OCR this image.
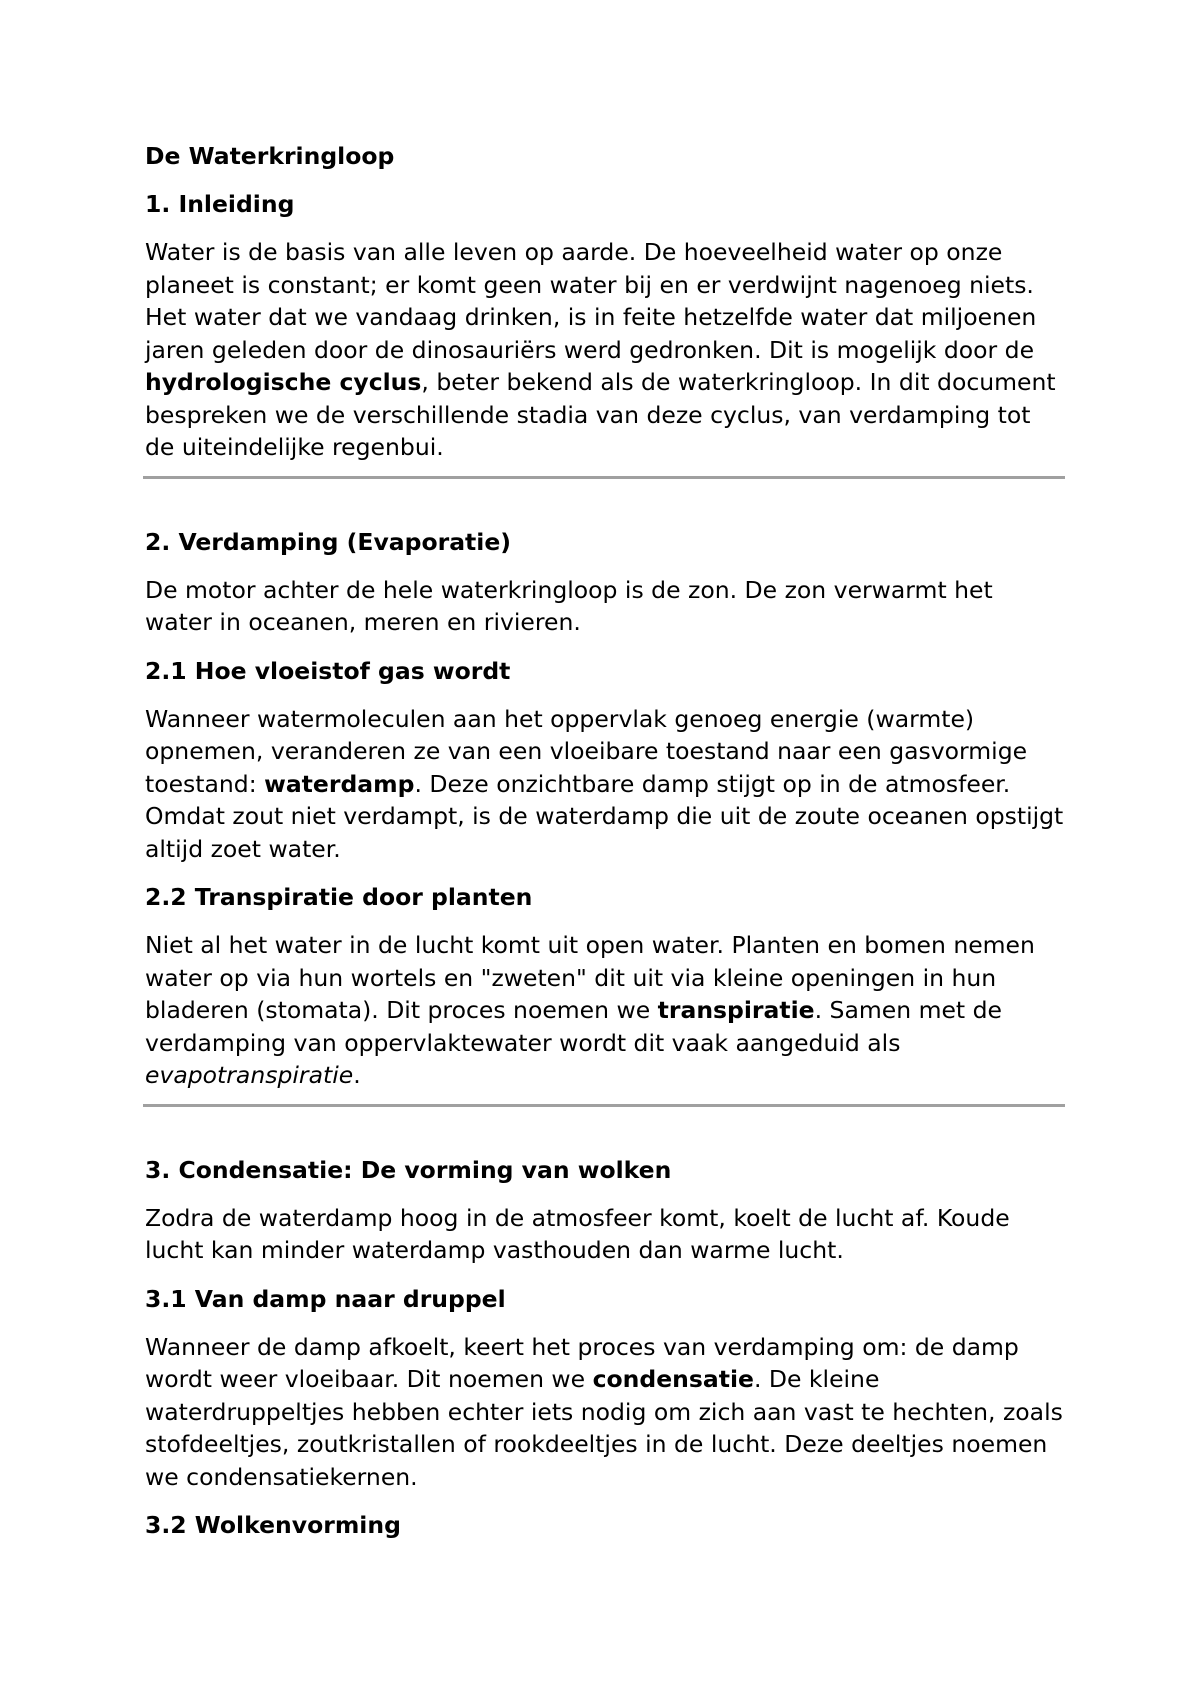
De Waterkringloop

1. Inleiding

Water is de basis van alle leven op aarde. De hoeveelheid water op onze planeet is constant; er komt geen water bij en er verdwijnt nagenoeg niets. Het water dat we vandaag drinken, is in feite hetzelfde water dat miljoenen jaren geleden door de dinosauriërs werd gedronken. Dit is mogelijk door de hydrologische cyclus, beter bekend als de waterkringloop. In dit document bespreken we de verschillende stadia van deze cyclus, van verdamping tot de uiteindelijke regenbui.

2. Verdamping (Evaporatie)

De motor achter de hele waterkringloop is de zon. De zon verwarmt het water in oceanen, meren en rivieren.

2.1 Hoe vloeistof gas wordt

Wanneer watermoleculen aan het oppervlak genoeg energie (warmte) opnemen, veranderen ze van een vloeibare toestand naar een gasvormige toestand: waterdamp. Deze onzichtbare damp stijgt op in de atmosfeer. Omdat zout niet verdampt, is de waterdamp die uit de zoute oceanen opstijgt altijd zoet water.

2.2 Transpiratie door planten

Niet al het water in de lucht komt uit open water. Planten en bomen nemen water op via hun wortels en "zweten" dit uit via kleine openingen in hun bladeren (stomata). Dit proces noemen we transpiratie. Samen met de verdamping van oppervlaktewater wordt dit vaak aangeduid als evapotranspiratie.

3. Condensatie: De vorming van wolken

Zodra de waterdamp hoog in de atmosfeer komt, koelt de lucht af. Koude lucht kan minder waterdamp vasthouden dan warme lucht.

3.1 Van damp naar druppel

Wanneer de damp afkoelt, keert het proces van verdamping om: de damp wordt weer vloeibaar. Dit noemen we condensatie. De kleine waterdruppeltjes hebben echter iets nodig om zich aan vast te hechten, zoals stofdeeltjes, zoutkristallen of rookdeeltjes in de lucht. Deze deeltjes noemen we condensatiekernen.

3.2 Wolkenvorming
